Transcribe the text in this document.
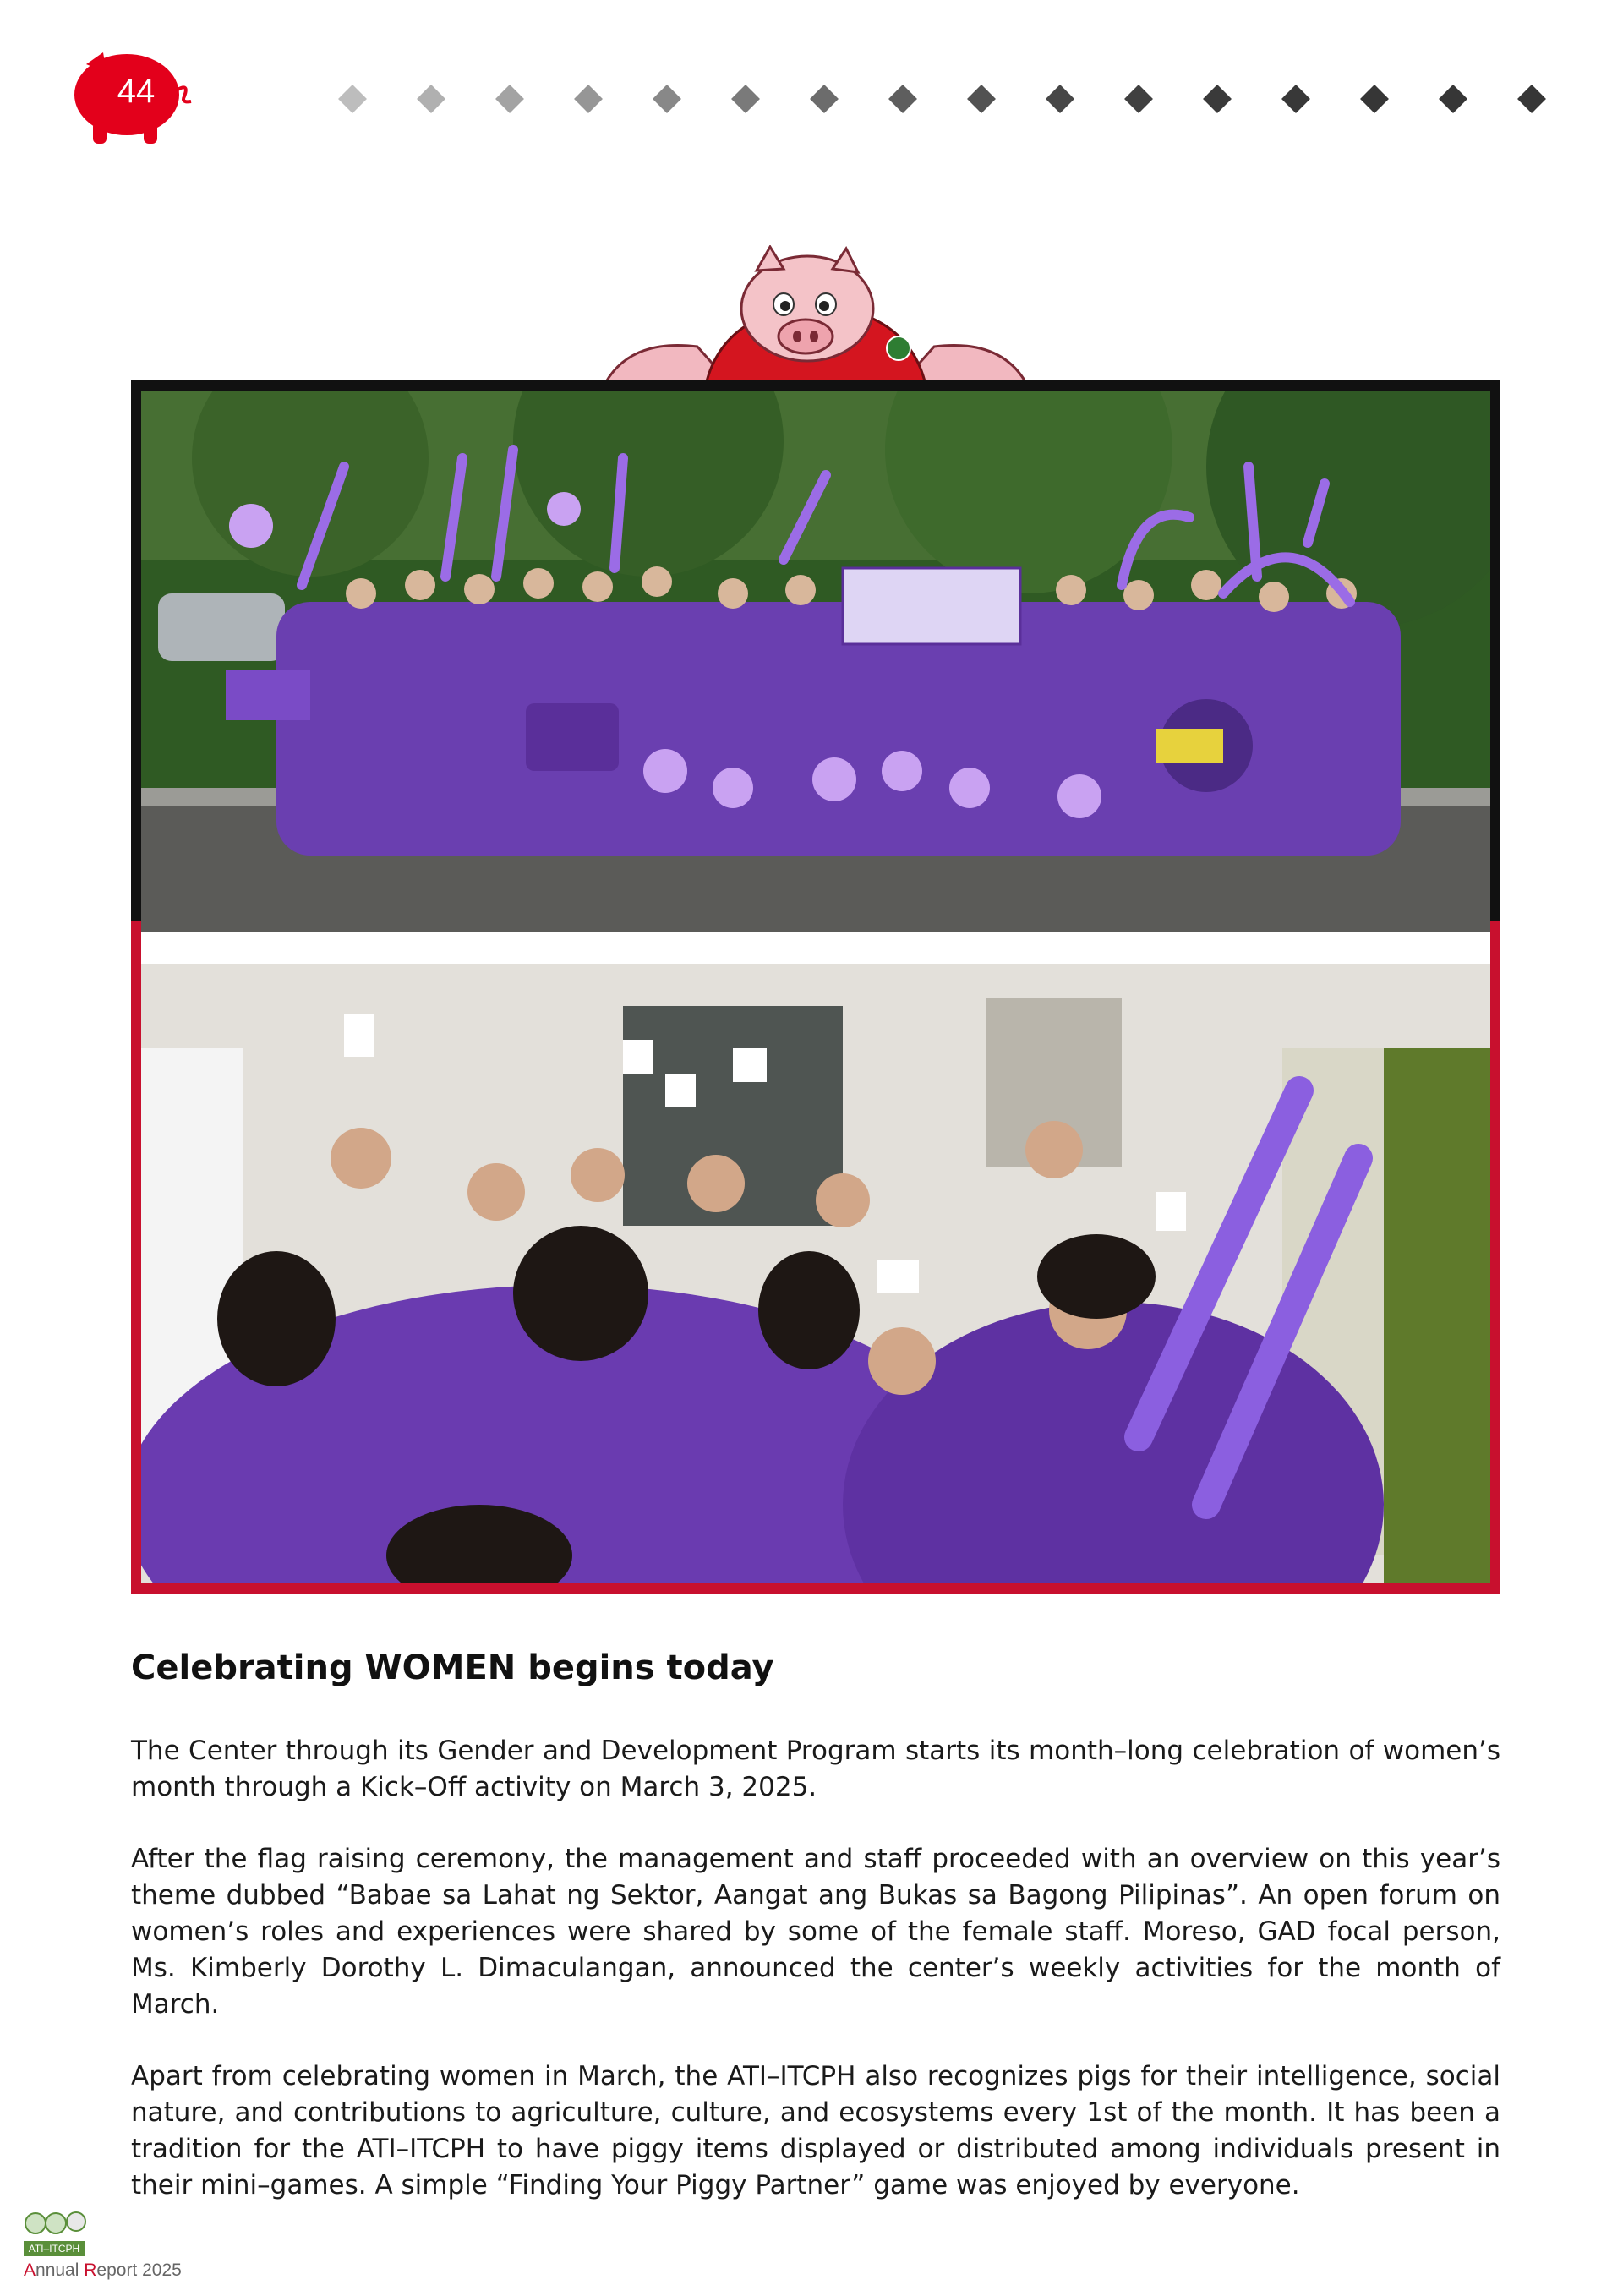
44
Celebrating WOMEN begins today

The Center through its Gender and Development Program starts its month–long celebration of women’s month through a Kick–Off activity on March 3, 2025.

After the flag raising ceremony, the management and staff proceeded with an overview on this year’s theme dubbed “Babae sa Lahat ng Sektor, Aangat ang Bukas sa Bagong Pilipinas”. An open forum on women’s roles and experiences were shared by some of the female staff. Moreso, GAD focal person, Ms. Kimberly Dorothy L. Dimaculangan, announced the center’s weekly activities for the month of March.

Apart from celebrating women in March, the ATI–ITCPH also recognizes pigs for their intelligence, social nature, and contributions to agriculture, culture, and ecosystems every 1st of the month. It has been a tradition for the ATI–ITCPH to have piggy items displayed or distributed among individuals present in their mini–games. A simple “Finding Your Piggy Partner” game was enjoyed by everyone.

ATI–ITCPH
Annual Report 2025
